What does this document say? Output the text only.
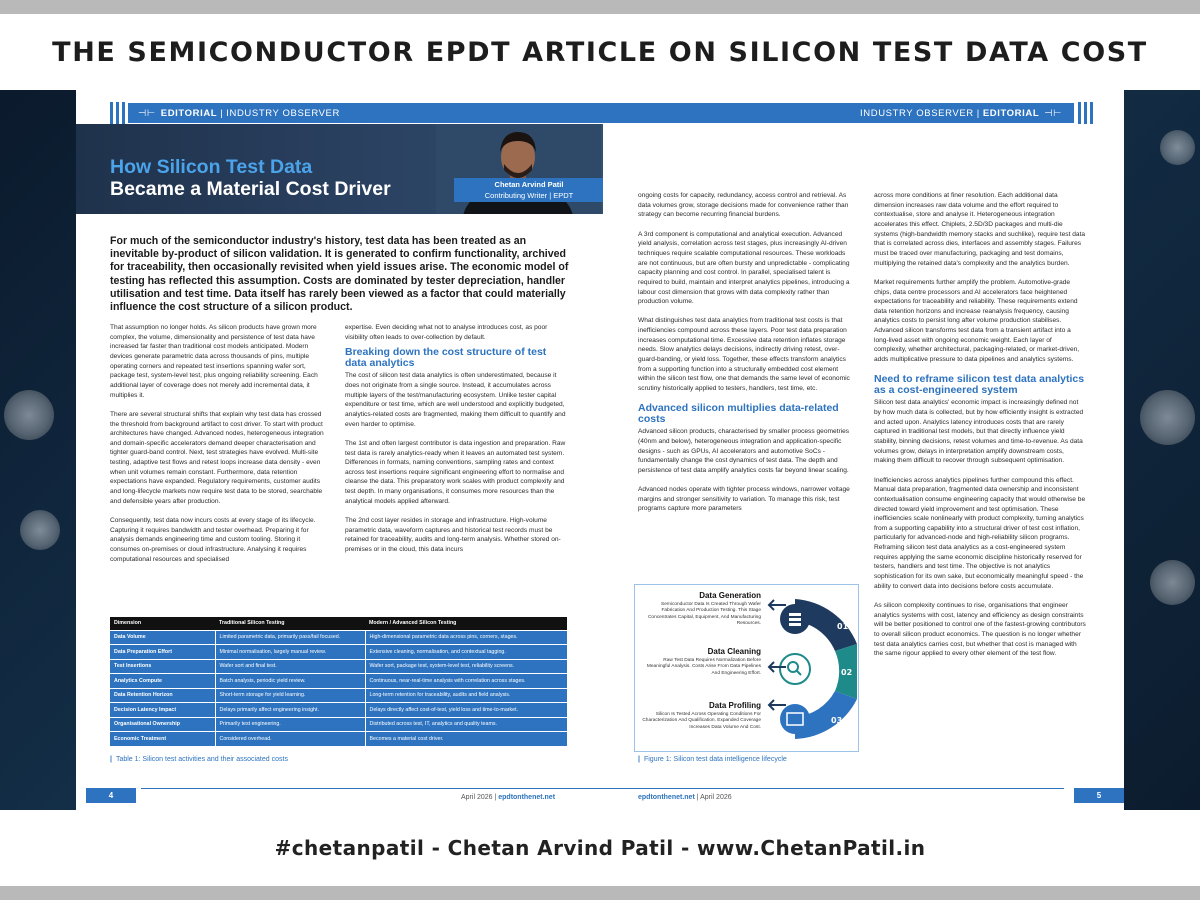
THE SEMICONDUCTOR EPDT ARTICLE ON SILICON TEST DATA COST
⊣⊢ EDITORIAL | INDUSTRY OBSERVER
How Silicon Test Data
Became a Material Cost Driver	Chetan Arvind Patil
Contributing Writer | EPDT
For much of the semiconductor industry's history, test data has been treated as an inevitable by-product of silicon validation. It is generated to confirm functionality, archived for traceability, then occasionally revisited when yield issues arise. The economic model of testing has reflected this assumption. Costs are dominated by tester depreciation, handler utilisation and test time. Data itself has rarely been viewed as a factor that could materially influence the cost structure of a silicon product.

That assumption no longer holds. As silicon products have grown more complex, the volume, dimensionality and persistence of test data have increased far faster than traditional cost models anticipated. Modern devices generate parametric data across thousands of pins, multiple operating corners and repeated test insertions spanning wafer sort, package test, system-level test, plus ongoing reliability screening. Each additional layer of coverage does not merely add incremental data, it multiplies it.

There are several structural shifts that explain why test data has crossed the threshold from background artifact to cost driver. To start with product architectures have changed. Advanced nodes, heterogeneous integration and domain-specific accelerators demand deeper characterisation and tighter guard-band control. Next, test strategies have evolved. Multi-site testing, adaptive test flows and retest loops increase data density - even when unit volumes remain constant. Furthermore, data retention expectations have expanded. Regulatory requirements, customer audits and long-lifecycle markets now require test data to be stored, searchable and defensible years after production.

Consequently, test data now incurs costs at every stage of its lifecycle. Capturing it requires bandwidth and tester overhead. Preparing it for analysis demands engineering time and custom tooling. Storing it consumes on-premises or cloud infrastructure. Analysing it requires computational resources and specialised

expertise. Even deciding what not to analyse introduces cost, as poor visibility often leads to over-collection by default.

Breaking down the cost structure of test data analytics

The cost of silicon test data analytics is often underestimated, because it does not originate from a single source. Instead, it accumulates across multiple layers of the test/manufacturing ecosystem. Unlike tester capital expenditure or test time, which are well understood and explicitly budgeted, analytics-related costs are fragmented, making them difficult to quantify and even harder to optimise.

The 1st and often largest contributor is data ingestion and preparation. Raw test data is rarely analytics-ready when it leaves an automated test system. Differences in formats, naming conventions, sampling rates and context across test insertions require significant engineering effort to normalise and cleanse the data. This preparatory work scales with product complexity and test depth. In many organisations, it consumes more resources than the analytical models applied afterward.

The 2nd cost layer resides in storage and infrastructure. High-volume parametric data, waveform captures and historical test records must be retained for traceability, audits and long-term analysis. Whether stored on-premises or in the cloud, this data incurs

Dimension	Traditional Silicon Testing	Modern / Advanced Silicon Testing
Data Volume	Limited parametric data, primarily pass/fail focused.	High-dimensional parametric data across pins, corners, stages.
Data Preparation Effort	Minimal normalisation, largely manual review.	Extensive cleaning, normalisation, and contextual tagging.
Test Insertions	Wafer sort and final test.	Wafer sort, package test, system-level test, reliability screens.
Analytics Compute	Batch analysis, periodic yield review.	Continuous, near-real-time analysis with correlation across stages.
Data Retention Horizon	Short-term storage for yield learning.	Long-term retention for traceability, audits and field analysis.
Decision Latency Impact	Delays primarily affect engineering insight.	Delays directly affect cost-of-test, yield loss and time-to-market.
Organisational Ownership	Primarily test engineering.	Distributed across test, IT, analytics and quality teams.
Economic Treatment	Considered overhead.	Becomes a material cost driver.
| Table 1: Silicon test activities and their associated costs
4	April 2026 | epdtonthenet.net
INDUSTRY OBSERVER | EDITORIAL ⊣⊢

ongoing costs for capacity, redundancy, access control and retrieval. As data volumes grow, storage decisions made for convenience rather than strategy can become recurring financial burdens.

A 3rd component is computational and analytical execution. Advanced yield analysis, correlation across test stages, plus increasingly AI-driven techniques require scalable computational resources. These workloads are not continuous, but are often bursty and unpredictable - complicating capacity planning and cost control. In parallel, specialised talent is required to build, maintain and interpret analytics pipelines, introducing a labour cost dimension that grows with data complexity rather than production volume.

What distinguishes test data analytics from traditional test costs is that inefficiencies compound across these layers. Poor test data preparation increases computational time. Excessive data retention inflates storage needs. Slow analytics delays decisions, indirectly driving retest, over-guard-banding, or yield loss. Together, these effects transform analytics from a supporting function into a structurally embedded cost element within the silicon test flow, one that demands the same level of economic scrutiny historically applied to testers, handlers, test time, etc.

Advanced silicon multiplies data-related costs

Advanced silicon products, characterised by smaller process geometries (40nm and below), heterogeneous integration and application-specific designs - such as GPUs, AI accelerators and automotive SoCs - fundamentally change the cost dynamics of test data. The depth and persistence of test data amplify analytics costs far beyond linear scaling.

Advanced nodes operate with tighter process windows, narrower voltage margins and stronger sensitivity to variation. To manage this risk, test programs capture more parameters

Data Generation

Semiconductor Data Is Created Through Wafer Fabrication And Production Testing. This Stage Concentrates Capital, Equipment, And Manufacturing Resources.

Data Cleaning

Raw Test Data Requires Normalization Before Meaningful Analysis. Costs Arise From Data Pipelines And Engineering Effort.

Data Profiling

Silicon Is Tested Across Operating Conditions For Characterization And Qualification. Expanded Coverage Increases Data Volume And Cost.

01
02
03
| Figure 1: Silicon test data intelligence lifecycle

across more conditions at finer resolution. Each additional data dimension increases raw data volume and the effort required to contextualise, store and analyse it. Heterogeneous integration accelerates this effect. Chiplets, 2.5D/3D packages and multi-die systems (high-bandwidth memory stacks and suchlike), require test data that is correlated across dies, interfaces and assembly stages. Failures must be traced over manufacturing, packaging and test domains, multiplying the retained data's complexity and the analytics burden.

Market requirements further amplify the problem. Automotive-grade chips, data centre processors and AI accelerators face heightened expectations for traceability and reliability. These requirements extend data retention horizons and increase reanalysis frequency, causing analytics costs to persist long after volume production stabilises. Advanced silicon transforms test data from a transient artifact into a long-lived asset with ongoing economic weight. Each layer of complexity, whether architectural, packaging-related, or market-driven, adds multiplicative pressure to data pipelines and analytics systems.

Need to reframe silicon test data analytics as a cost-engineered system

Silicon test data analytics' economic impact is increasingly defined not by how much data is collected, but by how efficiently insight is extracted and acted upon. Analytics latency introduces costs that are rarely captured in traditional test models, but that directly influence yield stability, binning decisions, retest volumes and time-to-revenue. As data volumes grow, delays in interpretation amplify downstream costs, making them difficult to recover through subsequent optimisation.

Inefficiencies across analytics pipelines further compound this effect. Manual data preparation, fragmented data ownership and inconsistent contextualisation consume engineering capacity that would otherwise be directed toward yield improvement and test optimisation. These inefficiencies scale nonlinearly with product complexity, turning analytics from a supporting capability into a structural driver of test cost inflation, particularly for advanced-node and high-reliability silicon programs. Reframing silicon test data analytics as a cost-engineered system requires applying the same economic discipline historically reserved for testers, handlers and test time. The objective is not analytics sophistication for its own sake, but economically meaningful speed - the ability to convert data into decisions before costs accumulate.

As silicon complexity continues to rise, organisations that engineer analytics systems with cost, latency and efficiency as design constraints will be better positioned to control one of the fastest-growing contributors to overall silicon product economics. The question is no longer whether test data analytics carries cost, but whether that cost is managed with the same rigour applied to every other element of the test flow.

epdtonthenet.net | April 2026	5

#chetanpatil - Chetan Arvind Patil - www.ChetanPatil.in
